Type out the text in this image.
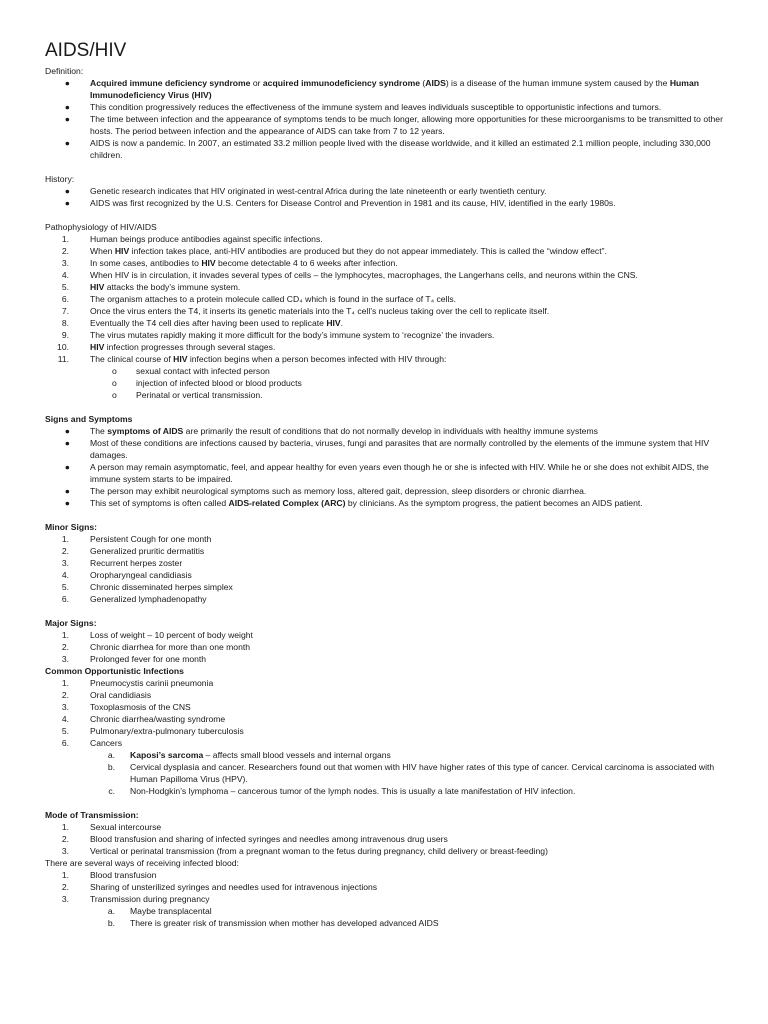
AIDS/HIV

Definition:

●	Acquired immune deficiency syndrome or acquired immunodeficiency syndrome (AIDS) is a disease of the human immune system caused by the Human Immunodeficiency Virus (HIV)
●	This condition progressively reduces the effectiveness of the immune system and leaves individuals susceptible to opportunistic infections and tumors.
●	The time between infection and the appearance of symptoms tends to be much longer, allowing more opportunities for these microorganisms to be transmitted to other hosts. The period between infection and the appearance of AIDS can take from 7 to 12 years.
●	AIDS is now a pandemic. In 2007, an estimated 33.2 million people lived with the disease worldwide, and it killed an estimated 2.1 million people, including 330,000 children.

History:

●	Genetic research indicates that HIV originated in west-central Africa during the late nineteenth or early twentieth century.
●	AIDS was first recognized by the U.S. Centers for Disease Control and Prevention in 1981 and its cause, HIV, identified in the early 1980s.

Pathophysiology of HIV/AIDS

1.	Human beings produce antibodies against specific infections.
2.	When HIV infection takes place, anti-HIV antibodies are produced but they do not appear immediately. This is called the “window effect”.
3.	In some cases, antibodies to HIV become detectable 4 to 6 weeks after infection.
4.	When HIV is in circulation, it invades several types of cells – the lymphocytes, macrophages, the Langerhans cells, and neurons within the CNS.
5.	HIV attacks the body’s immune system.
6.	The organism attaches to a protein molecule called CD₄ which is found in the surface of T₄ cells.
7.	Once the virus enters the T4, it inserts its genetic materials into the T₄ cell’s nucleus taking over the cell to replicate itself.
8.	Eventually the T4 cell dies after having been used to replicate HIV.
9.	The virus mutates rapidly making it more difficult for the body’s immune system to ‘recognize’ the invaders.
10.	HIV infection progresses through several stages.
11.	The clinical course of HIV infection begins when a person becomes infected with HIV through:
o	sexual contact with infected person
o	injection of infected blood or blood products
o	Perinatal or vertical transmission.

Signs and Symptoms

●	The symptoms of AIDS are primarily the result of conditions that do not normally develop in individuals with healthy immune systems
●	Most of these conditions are infections caused by bacteria, viruses, fungi and parasites that are normally controlled by the elements of the immune system that HIV damages.
●	A person may remain asymptomatic, feel, and appear healthy for even years even though he or she is infected with HIV. While he or she does not exhibit AIDS, the immune system starts to be impaired.
●	The person may exhibit neurological symptoms such as memory loss, altered gait, depression, sleep disorders or chronic diarrhea.
●	This set of symptoms is often called AIDS-related Complex (ARC) by clinicians. As the symptom progress, the patient becomes an AIDS patient.

Minor Signs:

1.	Persistent Cough for one month
2.	Generalized pruritic dermatitis
3.	Recurrent herpes zoster
4.	Oropharyngeal candidiasis
5.	Chronic disseminated herpes simplex
6.	Generalized lymphadenopathy

Major Signs:

1.	Loss of weight – 10 percent of body weight
2.	Chronic diarrhea for more than one month
3.	Prolonged fever for one month

Common Opportunistic Infections

1.	Pneumocystis carinii pneumonia
2.	Oral candidiasis
3.	Toxoplasmosis of the CNS
4.	Chronic diarrhea/wasting syndrome
5.	Pulmonary/extra-pulmonary tuberculosis
6.	Cancers
a.	Kaposi’s sarcoma – affects small blood vessels and internal organs
b.	Cervical dysplasia and cancer. Researchers found out that women with HIV have higher rates of this type of cancer. Cervical carcinoma is associated with Human Papilloma Virus (HPV).
c.	Non-Hodgkin’s lymphoma – cancerous tumor of the lymph nodes. This is usually a late manifestation of HIV infection.

Mode of Transmission:

1.	Sexual intercourse
2.	Blood transfusion and sharing of infected syringes and needles among intravenous drug users
3.	Vertical or perinatal transmission (from a pregnant woman to the fetus during pregnancy, child delivery or breast-feeding)

There are several ways of receiving infected blood:

1.	Blood transfusion
2.	Sharing of unsterilized syringes and needles used for intravenous injections
3.	Transmission during pregnancy
a.	Maybe transplacental
b.	There is greater risk of transmission when mother has developed advanced AIDS
